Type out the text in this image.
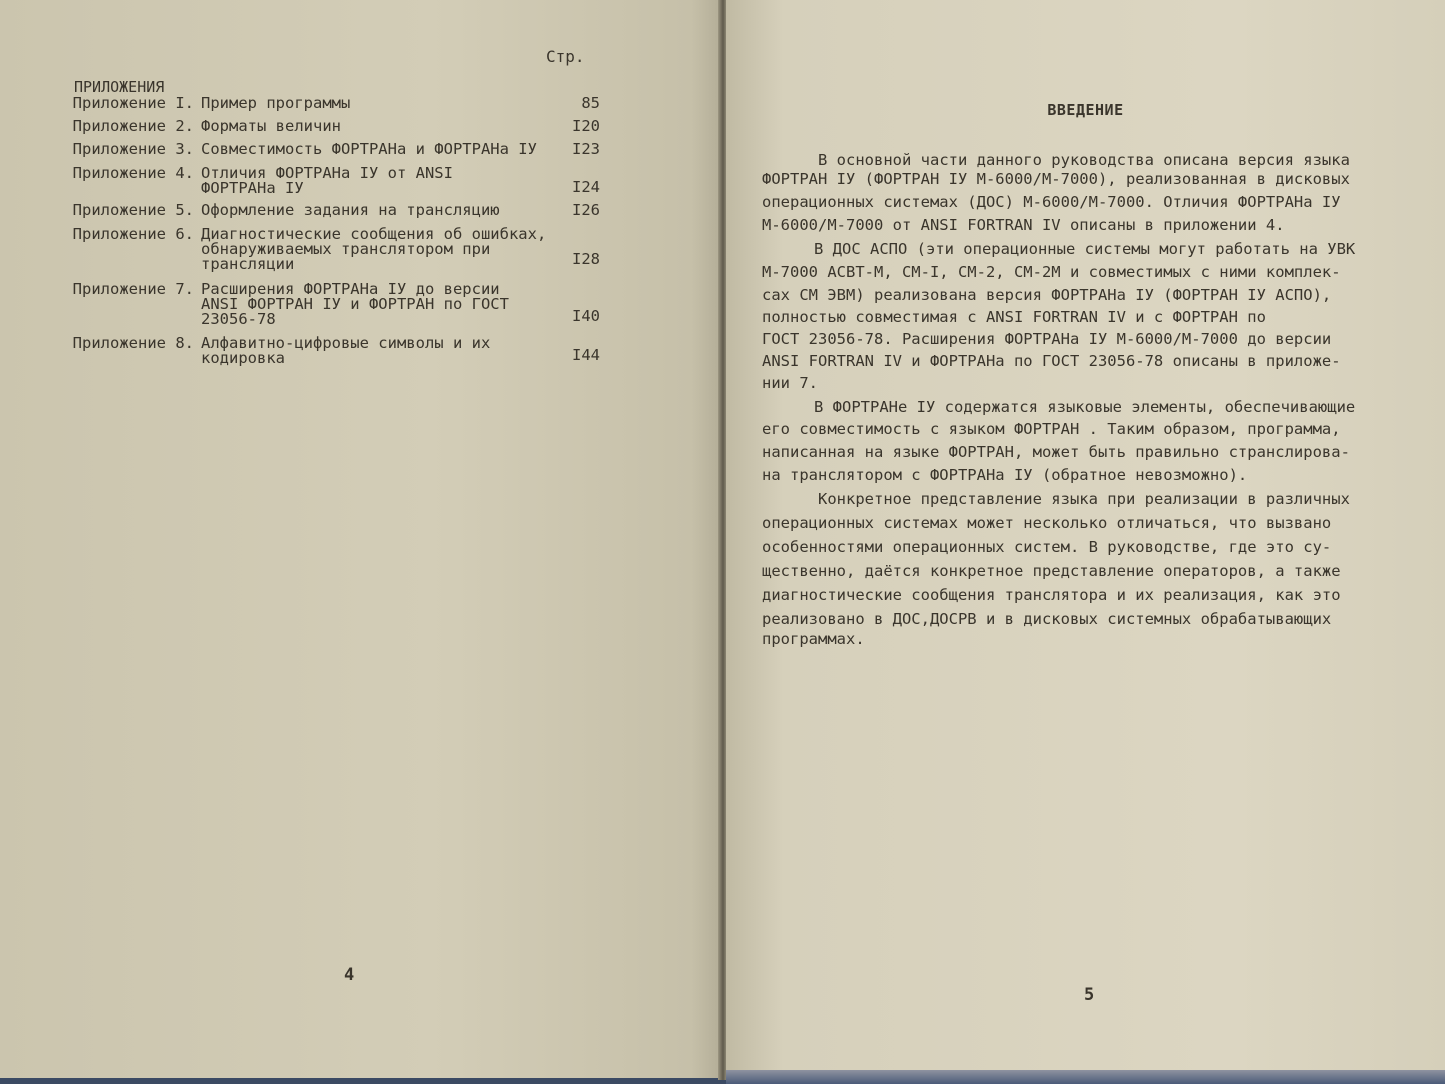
Стр.
ПРИЛОЖЕНИЯ
Приложение I. Пример программы	85
Приложение 2. Форматы величин	I20
Приложение 3. Совместимость ФОРТРАНа и ФОРТРАНа IУ	I23
Приложение 4. Отличия ФОРТРАНа IУ от ANSI ФОРТРАНа IУ	I24
Приложение 5. Оформление задания на трансляцию	I26
Приложение 6. Диагностические сообщения об ошибках, обнаруживаемых транслятором при трансляции	I28
Приложение 7. Расширения ФОРТРАНа IУ до версии ANSI ФОРТРАН IУ и ФОРТРАН по ГОСТ 23056-78	I40
Приложение 8. Алфавитно-цифровые символы и их кодировка	I44
4
ВВЕДЕНИЕ
В основной части данного руководства описана версия языка
ФОРТРАН IУ (ФОРТРАН IУ М-6000/М-7000), реализованная в дисковых
операционных системах (ДОС) М-6000/М-7000. Отличия ФОРТРАНа IУ
М-6000/М-7000 от ANSI FORTRAN IV описаны в приложении 4.
В ДОС АСПО (эти операционные системы могут работать на УВК
М-7000 АСВТ-М, СМ-I, СМ-2, СМ-2М и совместимых с ними комплек-
сах СМ ЭВМ) реализована версия ФОРТРАНа IУ (ФОРТРАН IУ АСПО),
полностью совместимая с ANSI FORTRAN IV и с ФОРТРАН по
ГОСТ 23056-78. Расширения ФОРТРАНа IУ М-6000/М-7000 до версии
ANSI FORTRAN IV и ФОРТРАНа по ГОСТ 23056-78 описаны в приложе-
нии 7.
В ФОРТРАНе IУ содержатся языковые элементы, обеспечивающие
его совместимость с языком ФОРТРАН . Таким образом, программа,
написанная на языке ФОРТРАН, может быть правильно странслирова-
на транслятором с ФОРТРАНа IУ (обратное невозможно).
Конкретное представление языка при реализации в различных
операционных системах может несколько отличаться, что вызвано
особенностями операционных систем. В руководстве, где это су-
щественно, даётся конкретное представление операторов, а также
диагностические сообщения транслятора и их реализация, как это
реализовано в ДОС,ДОСРВ и в дисковых системных обрабатывающих
программах.
5
